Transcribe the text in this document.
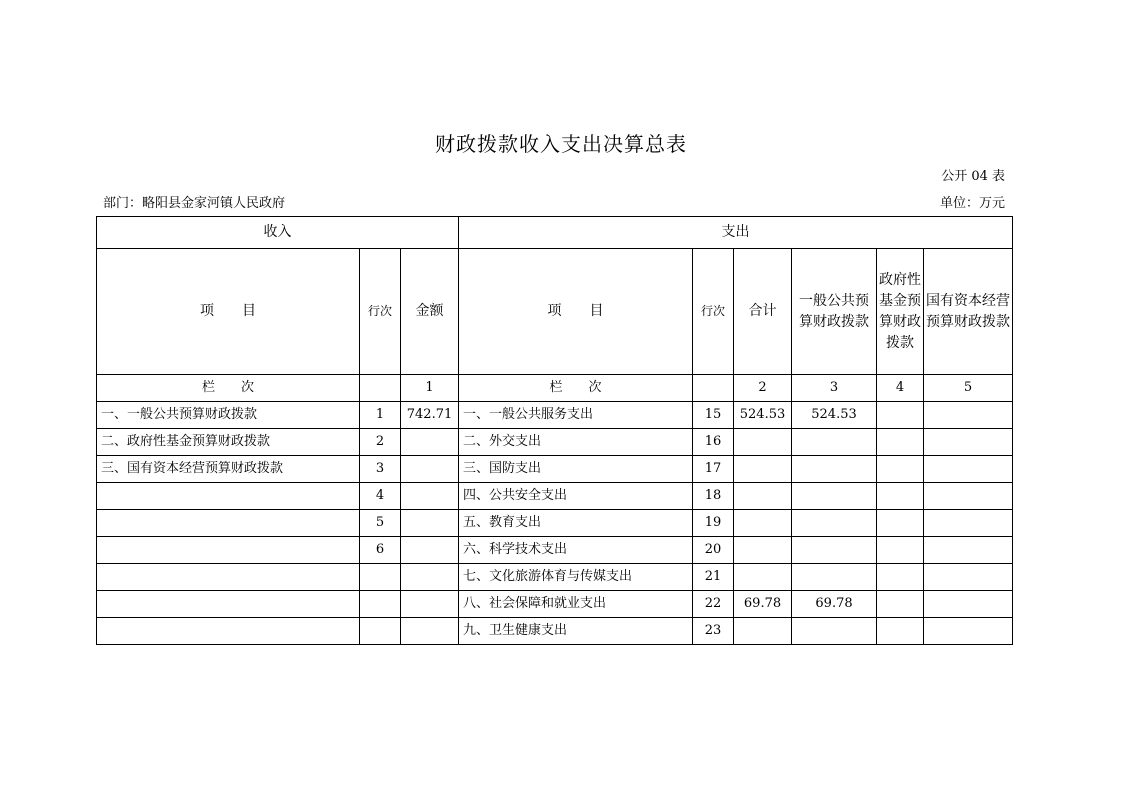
财政拨款收入支出决算总表
公开 04 表
部门：略阳县金家河镇人民政府	单位：万元
收入			支出					
项　　目	行次	金额	项　　目	行次	合计	一般公共预算财政拨款	政府性基金预算财政拨款	国有资本经营预算财政拨款
栏　　次		1	栏　　次		2	3	4	5
一、一般公共预算财政拨款	1	742.71	一、一般公共服务支出	15	524.53	524.53		
二、政府性基金预算财政拨款	2		二、外交支出	16				
三、国有资本经营预算财政拨款	3		三、国防支出	17				
	4		四、公共安全支出	18				
	5		五、教育支出	19				
	6		六、科学技术支出	20				
			七、文化旅游体育与传媒支出	21				
			八、社会保障和就业支出	22	69.78	69.78		
			九、卫生健康支出	23				
